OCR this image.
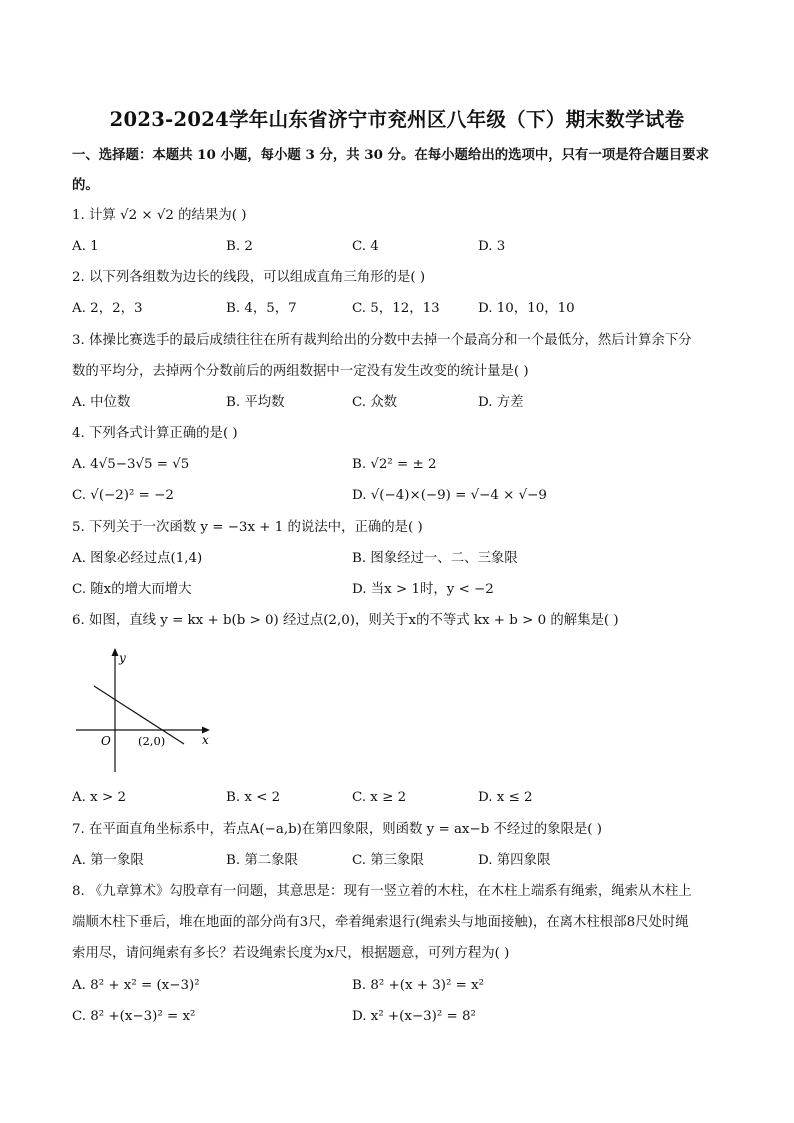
2023-2024学年山东省济宁市兖州区八年级（下）期末数学试卷
一、选择题：本题共 10 小题，每小题 3 分，共 30 分。在每小题给出的选项中，只有一项是符合题目要求
的。
1. 计算 √2 × √2 的结果为( )
A. 1	B. 2	C. 4	D. 3
2. 以下列各组数为边长的线段，可以组成直角三角形的是( )
A. 2，2，3	B. 4，5，7	C. 5，12，13	D. 10，10，10
3. 体操比赛选手的最后成绩往往在所有裁判给出的分数中去掉一个最高分和一个最低分，然后计算余下分
数的平均分，去掉两个分数前后的两组数据中一定没有发生改变的统计量是( )
A. 中位数	B. 平均数	C. 众数	D. 方差
4. 下列各式计算正确的是( )
A. 4√5−3√5 = √5	B. √2² = ± 2
C. √(−2)² = −2	D. √(−4)×(−9) = √−4 × √−9
5. 下列关于一次函数 y = −3x + 1 的说法中，正确的是( )
A. 图象必经过点(1,4)	B. 图象经过一、二、三象限
C. 随x的增大而增大	D. 当x > 1时，y < −2
6. 如图，直线 y = kx + b(b > 0) 经过点(2,0)，则关于x的不等式 kx + b > 0 的解集是( )
y
x
O (2,0)
A. x > 2	B. x < 2	C. x ≥ 2	D. x ≤ 2
7. 在平面直角坐标系中，若点A(−a,b)在第四象限，则函数 y = ax−b 不经过的象限是( )
A. 第一象限	B. 第二象限	C. 第三象限	D. 第四象限
8. 《九章算术》勾股章有一问题，其意思是：现有一竖立着的木柱，在木柱上端系有绳索，绳索从木柱上
端顺木柱下垂后，堆在地面的部分尚有3尺，牵着绳索退行(绳索头与地面接触)，在离木柱根部8尺处时绳
索用尽，请问绳索有多长？若设绳索长度为x尺，根据题意，可列方程为( )
A. 8² + x² = (x−3)²	B. 8² +(x + 3)² = x²
C. 8² +(x−3)² = x²	D. x² +(x−3)² = 8²
